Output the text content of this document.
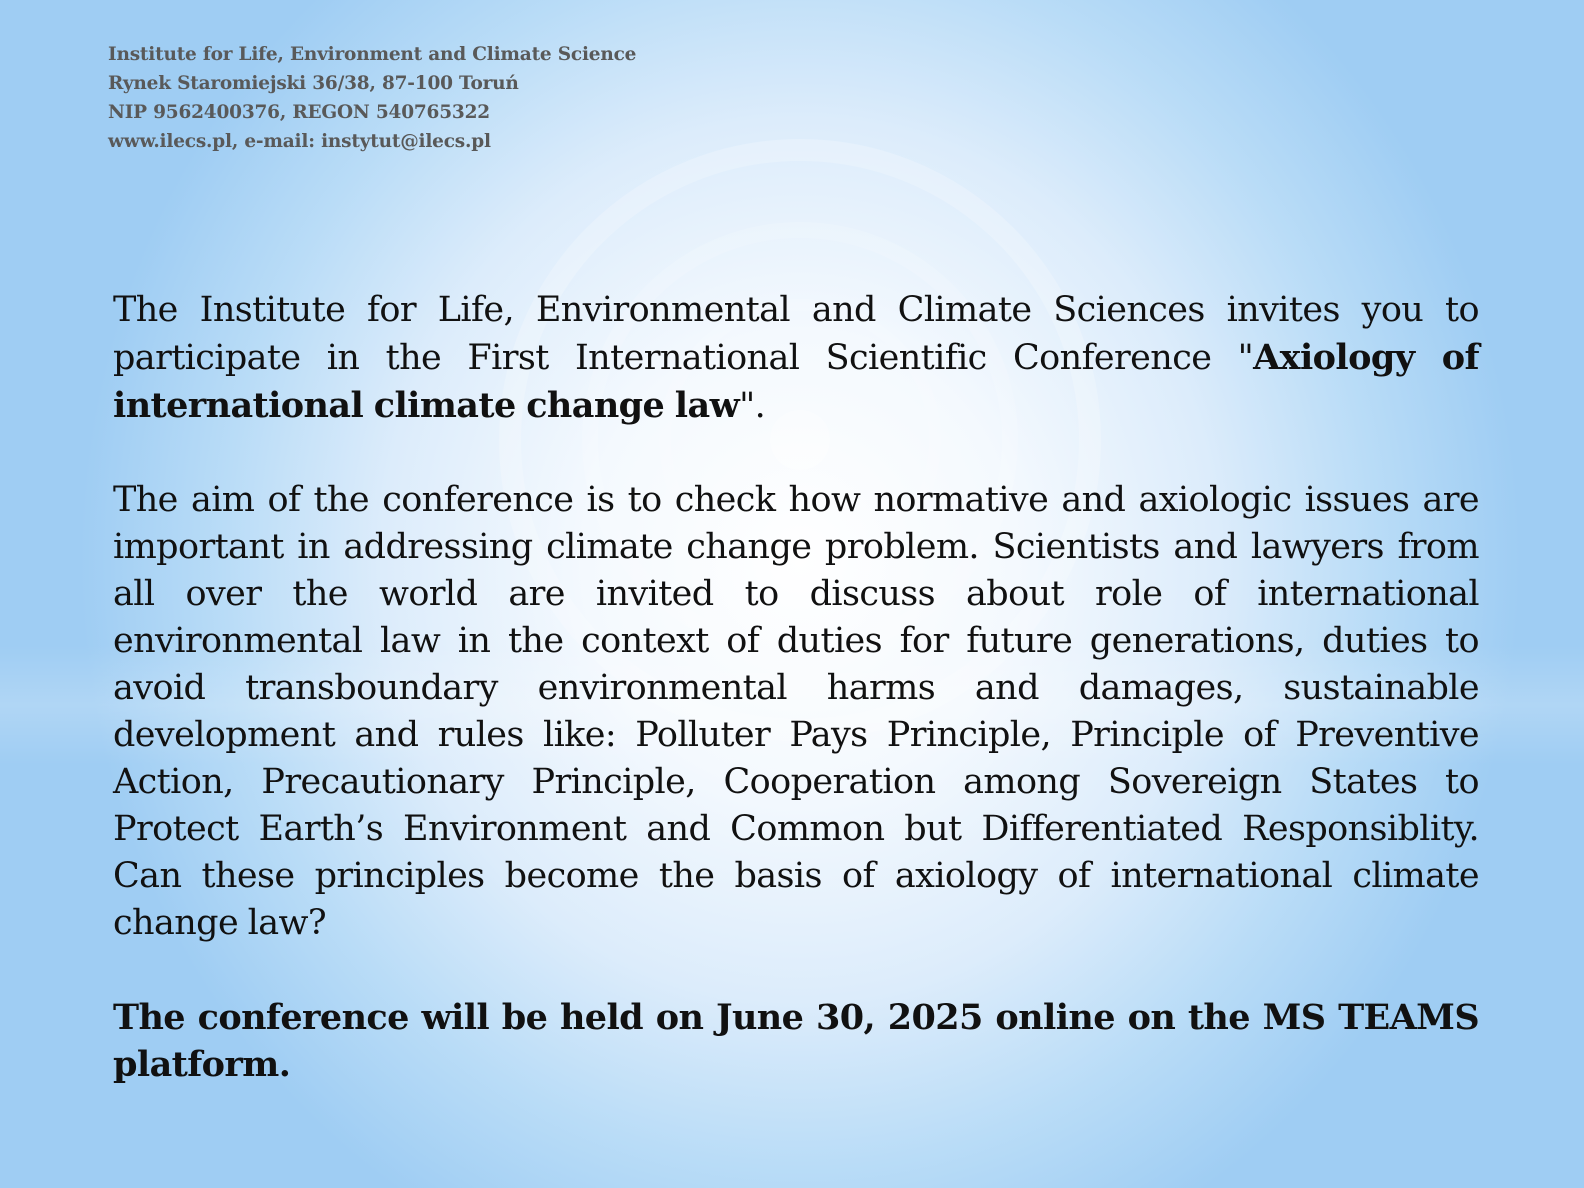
Institute for Life, Environment and Climate Science
Rynek Staromiejski 36/38, 87-100 Toruń
NIP 9562400376, REGON 540765322
www.ilecs.pl, e-mail: instytut@ilecs.pl

The Institute for Life, Environmental and Climate Sciences invites you to participate in the First International Scientific Conference "Axiology of international climate change law".

The aim of the conference is to check how normative and axiologic issues are important in addressing climate change problem. Scientists and lawyers from all over the world are invited to discuss about role of international environmental law in the context of duties for future generations, duties to avoid transboundary environmental harms and damages, sustainable development and rules like: Polluter Pays Principle, Principle of Preventive Action, Precautionary Principle, Cooperation among Sovereign States to Protect Earth’s Environment and Common but Differentiated Responsiblity. Can these principles become the basis of axiology of international climate change law?

The conference will be held on June 30, 2025 online on the MS TEAMS platform.
